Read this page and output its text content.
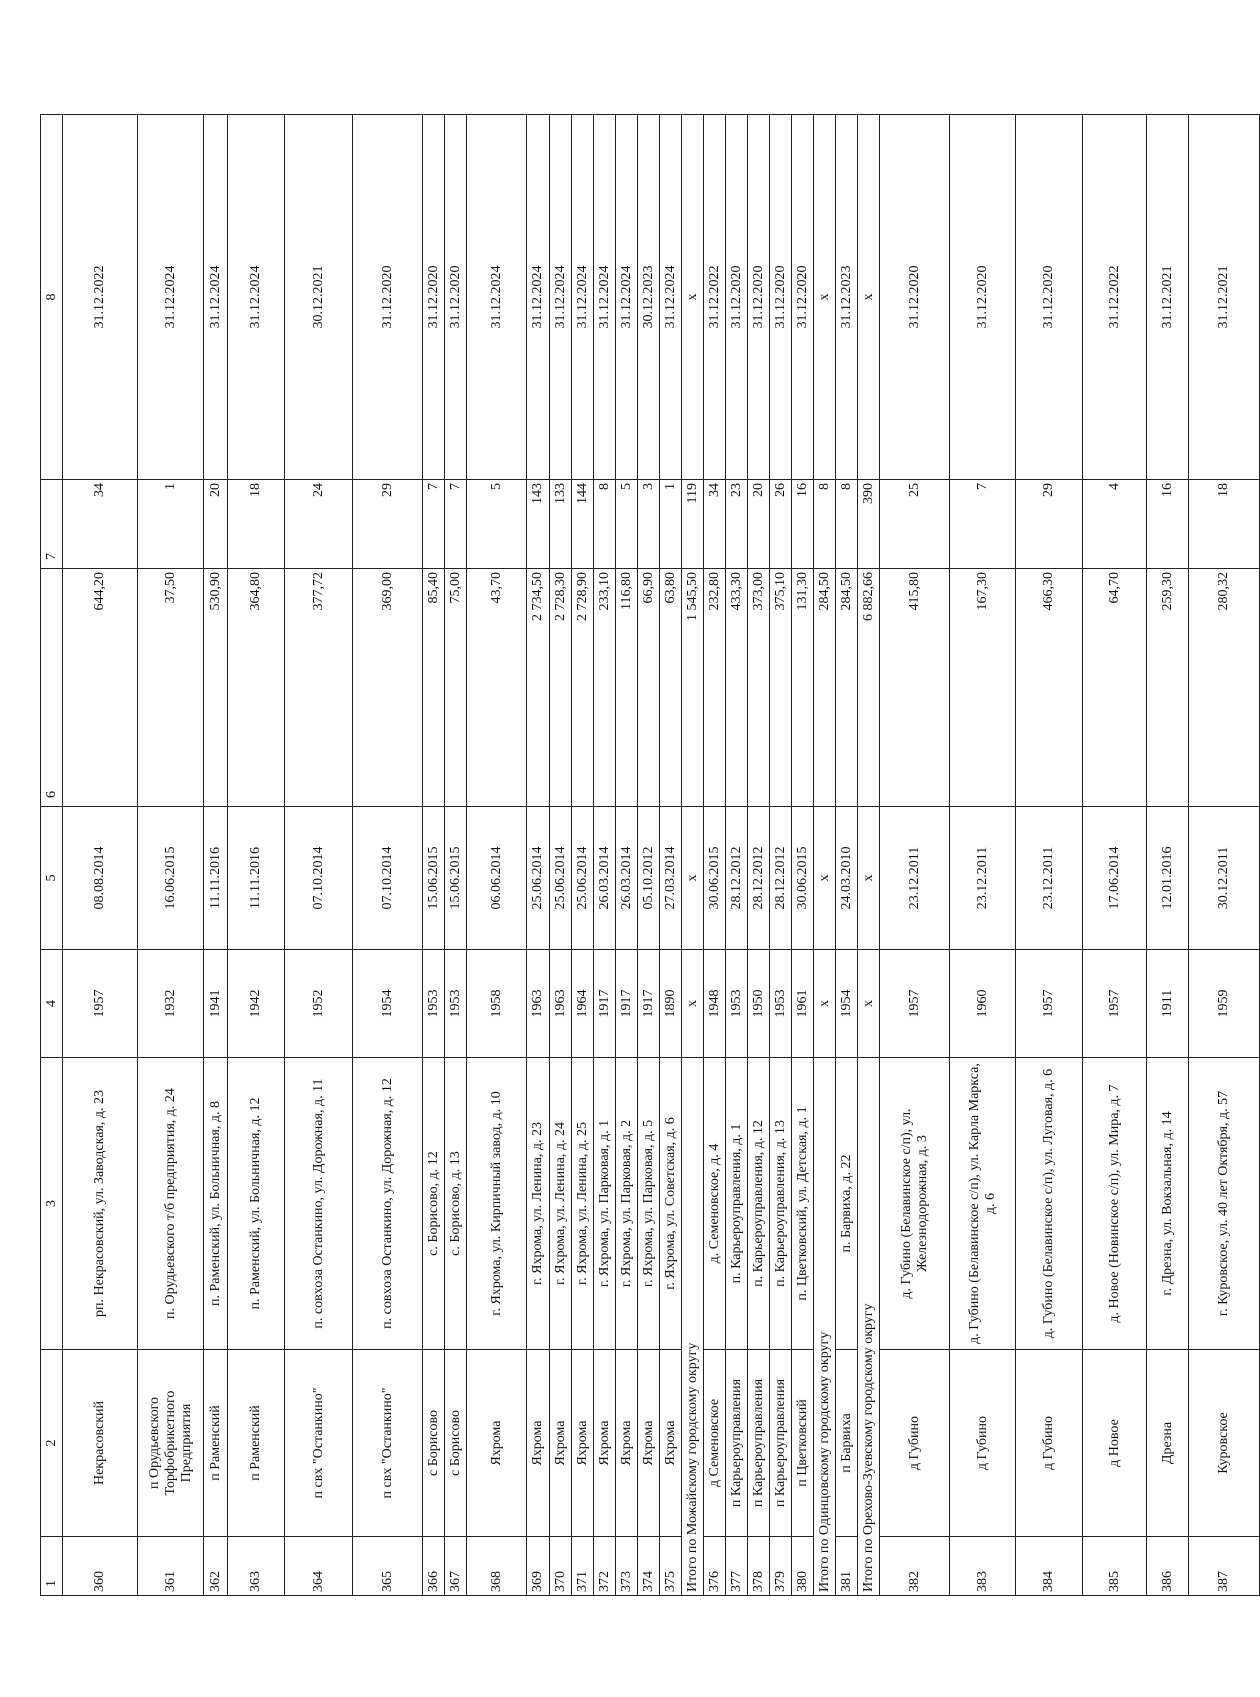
1	2	3	4	5	6	7	8
360	Некрасовский	рп. Некрасовский, ул. Заводская, д. 23	1957	08.08.2014	644,20	34	31.12.2022
361	п Орудьевского Торфобрикетного Предприятия	п. Орудьевского т/б предприятия, д. 24	1932	16.06.2015	37,50	1	31.12.2024
362	п Раменский	п. Раменский, ул. Больничная, д. 8	1941	11.11.2016	530,90	20	31.12.2024
363	п Раменский	п. Раменский, ул. Больничная, д. 12	1942	11.11.2016	364,80	18	31.12.2024
364	п свх "Останкино"	п. совхоза Останкино, ул. Дорожная, д. 11	1952	07.10.2014	377,72	24	30.12.2021
365	п свх "Останкино"	п. совхоза Останкино, ул. Дорожная, д. 12	1954	07.10.2014	369,00	29	31.12.2020
366	с Борисово	с. Борисово, д. 12	1953	15.06.2015	85,40	7	31.12.2020
367	с Борисово	с. Борисово, д. 13	1953	15.06.2015	75,00	7	31.12.2020
368	Яхрома	г. Яхрома, ул. Кирпичный завод, д. 10	1958	06.06.2014	43,70	5	31.12.2024
369	Яхрома	г. Яхрома, ул. Ленина, д. 23	1963	25.06.2014	2 734,50	143	31.12.2024
370	Яхрома	г. Яхрома, ул. Ленина, д. 24	1963	25.06.2014	2 728,30	133	31.12.2024
371	Яхрома	г. Яхрома, ул. Ленина, д. 25	1964	25.06.2014	2 728,90	144	31.12.2024
372	Яхрома	г. Яхрома, ул. Парковая, д. 1	1917	26.03.2014	233,10	8	31.12.2024
373	Яхрома	г. Яхрома, ул. Парковая, д. 2	1917	26.03.2014	116,80	5	31.12.2024
374	Яхрома	г. Яхрома, ул. Парковая, д. 5	1917	05.10.2012	66,90	3	30.12.2023
375	Яхрома	г. Яхрома, ул. Советская, д. 6	1890	27.03.2014	63,80	1	31.12.2024
Итого по Можайскому городскому округу			х	х	1 545,50	119	х
376	д Семеновское	д. Семеновское, д. 4	1948	30.06.2015	232,80	34	31.12.2022
377	п Карьероуправления	п. Карьероуправления, д. 1	1953	28.12.2012	433,30	23	31.12.2020
378	п Карьероуправления	п. Карьероуправления, д. 12	1950	28.12.2012	373,00	20	31.12.2020
379	п Карьероуправления	п. Карьероуправления, д. 13	1953	28.12.2012	375,10	26	31.12.2020
380	п Цветковский	п. Цветковский, ул. Детская, д. 1	1961	30.06.2015	131,30	16	31.12.2020
Итого по Одинцовскому городскому округу			х	х	284,50	8	х
381	п Барвиха	п. Барвиха, д. 22	1954	24.03.2010	284,50	8	31.12.2023
Итого по Орехово-Зуевскому городскому округу			х	х	6 882,66	390	х
382	д Губино	д. Губино (Белавинское с/п), ул. Железнодорожная, д. 3	1957	23.12.2011	415,80	25	31.12.2020
383	д Губино	д. Губино (Белавинское с/п), ул. Карла Маркса, д. 6	1960	23.12.2011	167,30	7	31.12.2020
384	д Губино	д. Губино (Белавинское с/п), ул. Луговая, д. 6	1957	23.12.2011	466,30	29	31.12.2020
385	д Новое	д. Новое (Новинское с/п), ул. Мира, д. 7	1957	17.06.2014	64,70	4	31.12.2022
386	Дрезна	г. Дрезна, ул. Вокзальная, д. 14	1911	12.01.2016	259,30	16	31.12.2021
387	Куровское	г. Куровское, ул. 40 лет Октября, д. 57	1959	30.12.2011	280,32	18	31.12.2021
